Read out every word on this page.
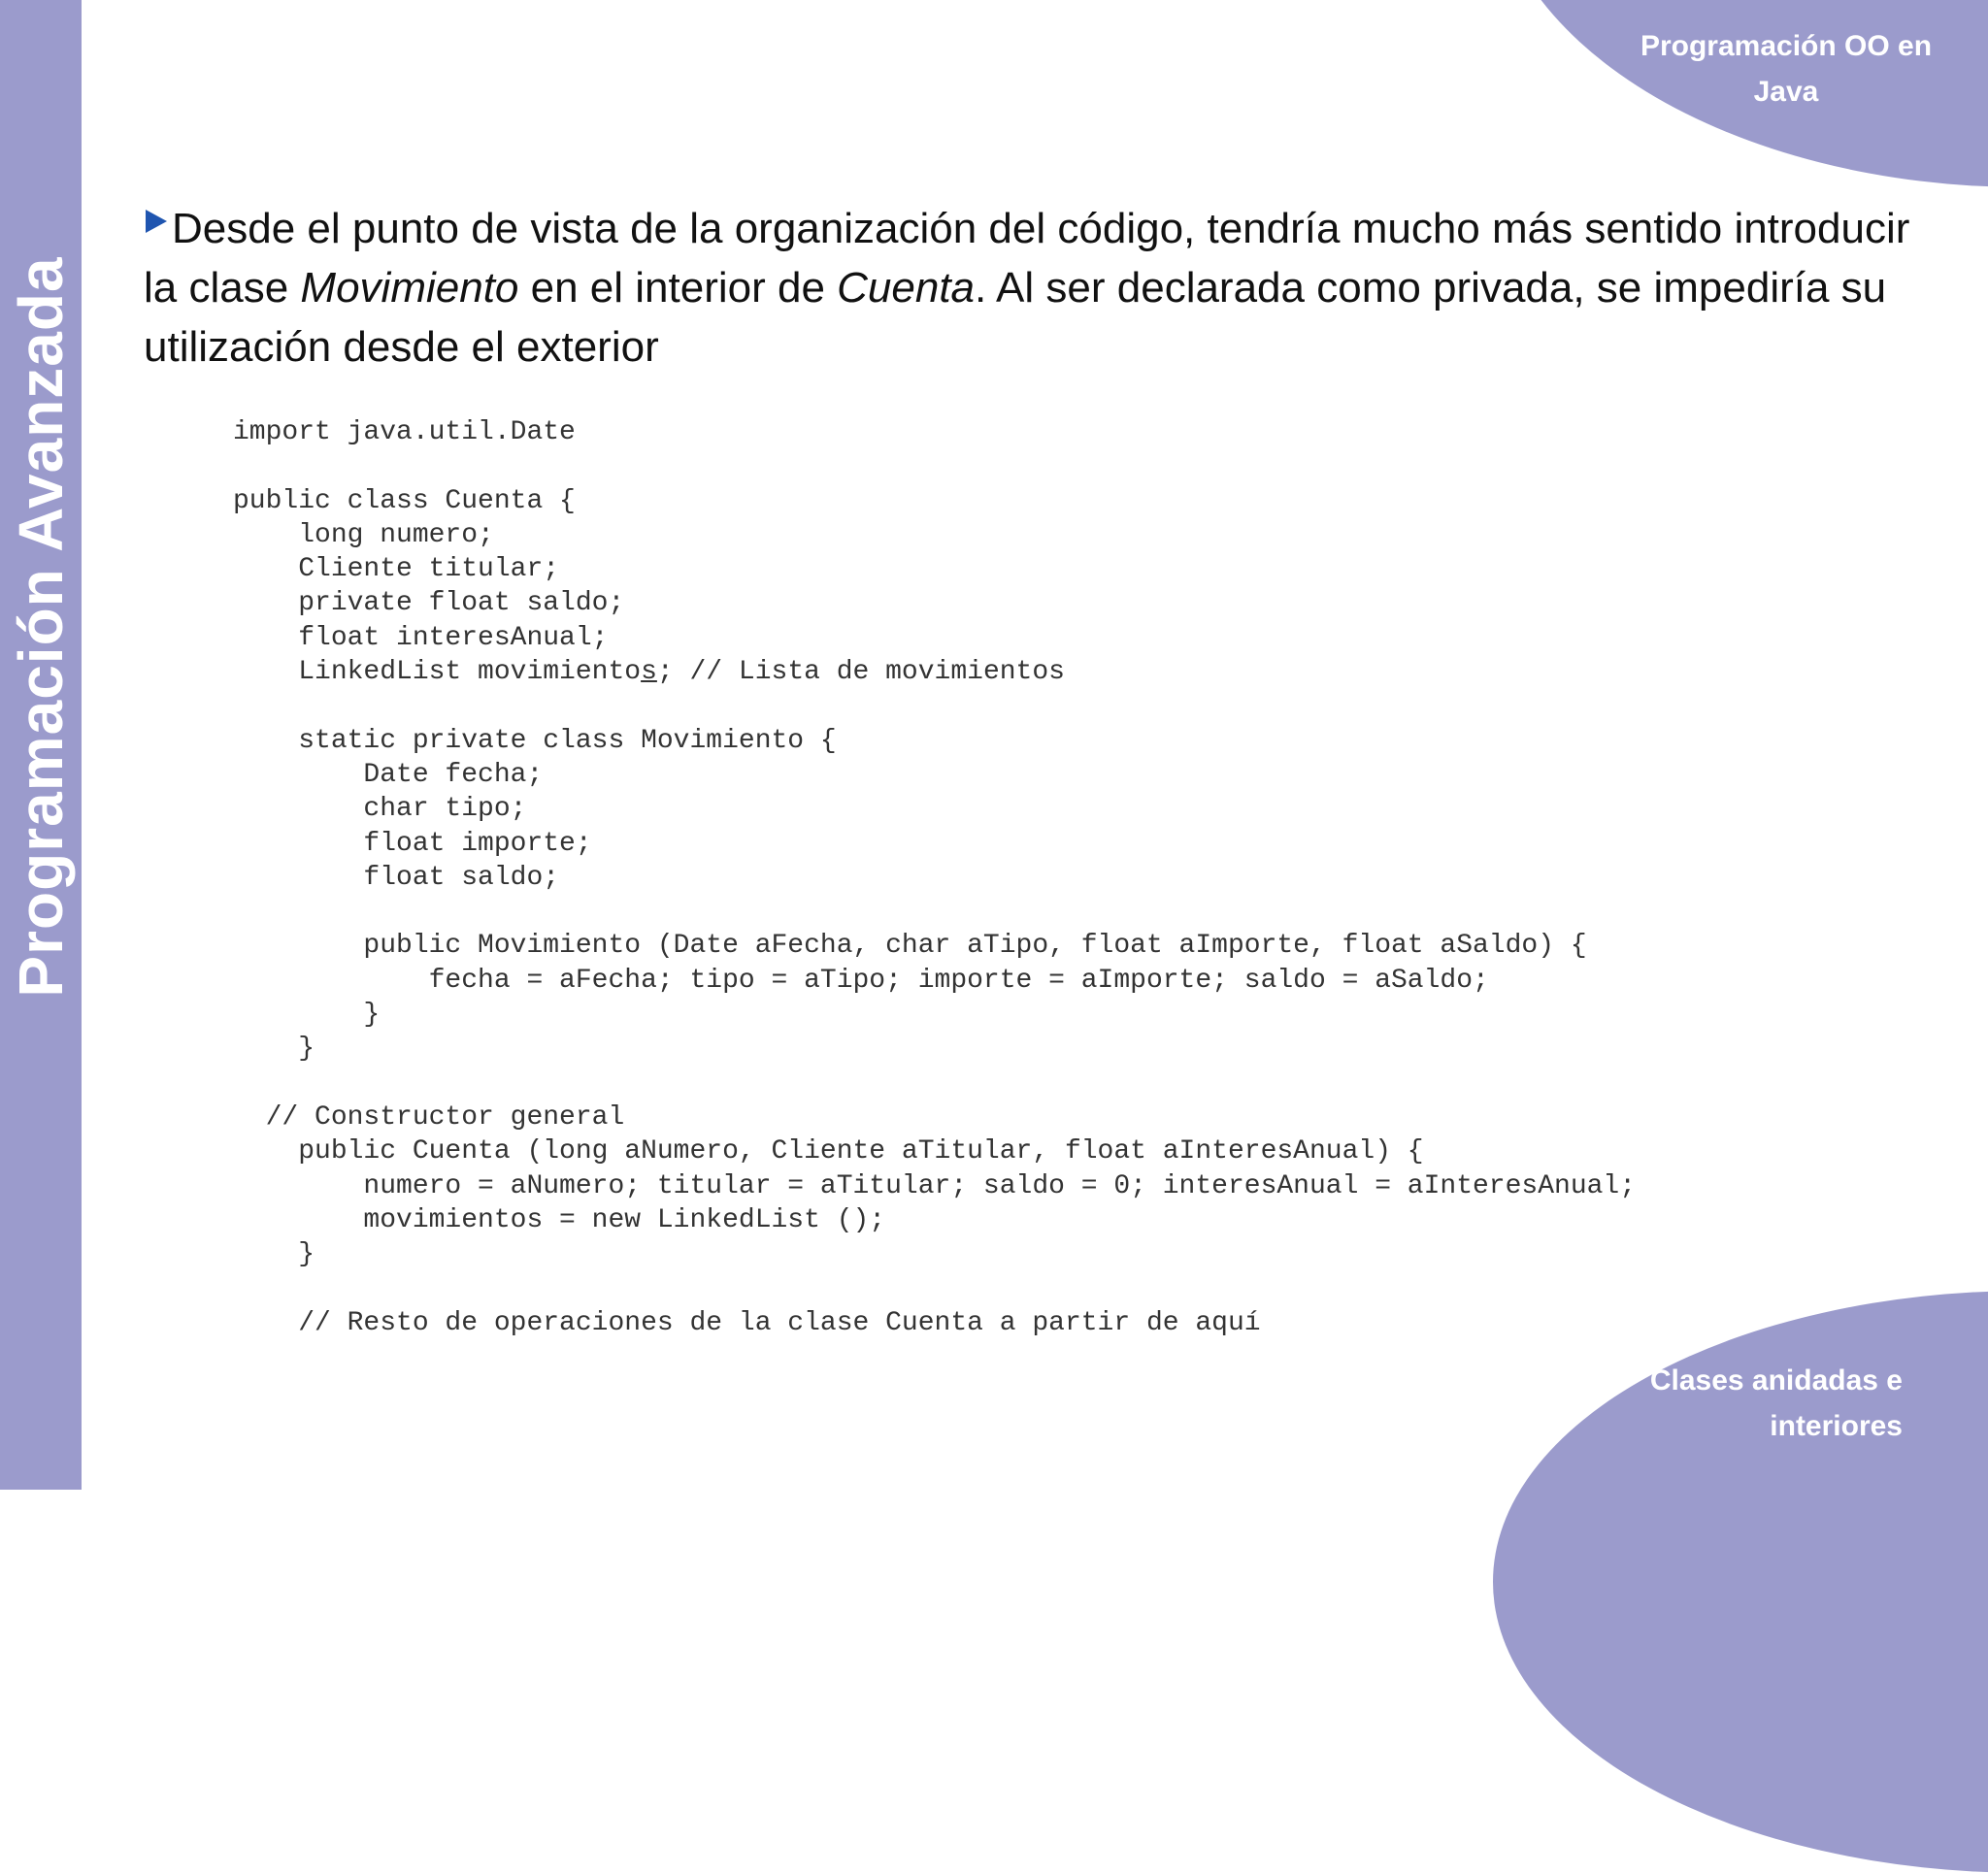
Programación Avanzada
Programación OO en
Java
Clases anidadas e
interiores

Desde el punto de vista de la organización del código, tendría mucho más sentido introducir la clase Movimiento en el interior de Cuenta. Al ser declarada como privada, se impediría su utilización desde el exterior

import java.util.Date

public class Cuenta {
long numero;
Cliente titular;
private float saldo;
float interesAnual;
LinkedList movimientos; // Lista de movimientos

static private class Movimiento {
Date fecha;
char tipo;
float importe;
float saldo;

public Movimiento (Date aFecha, char aTipo, float aImporte, float aSaldo) {
fecha = aFecha; tipo = aTipo; importe = aImporte; saldo = aSaldo;
}
}

// Constructor general
public Cuenta (long aNumero, Cliente aTitular, float aInteresAnual) {
numero = aNumero; titular = aTitular; saldo = 0; interesAnual = aInteresAnual;
movimientos = new LinkedList ();
}

// Resto de operaciones de la clase Cuenta a partir de aquí
